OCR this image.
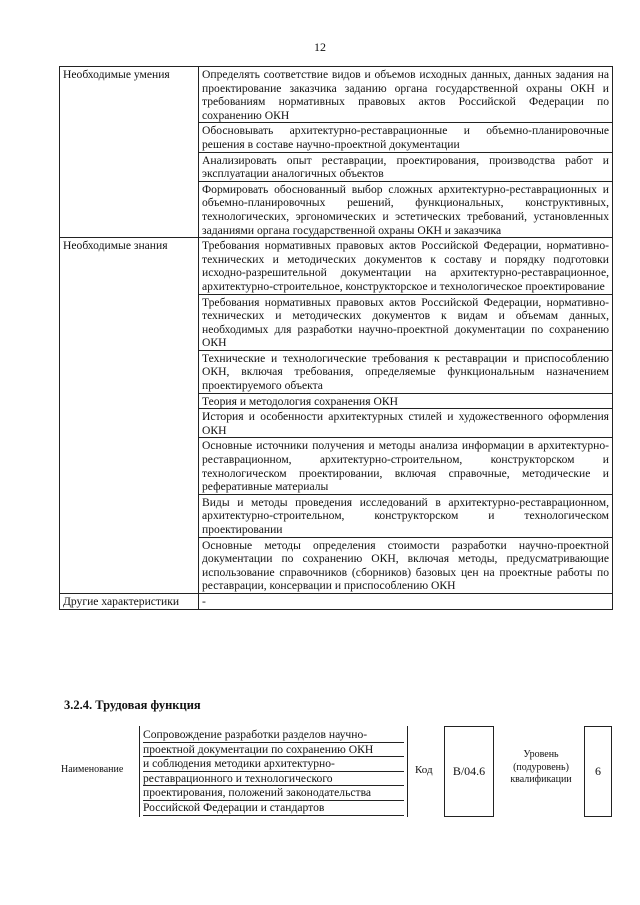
12
Необходимые умения	Определять соответствие видов и объемов исходных данных, данных задания на проектирование заказчика заданию органа государственной охраны ОКН и требованиям нормативных правовых актов Российской Федерации по сохранению ОКН
	Обосновывать архитектурно-реставрационные и объемно-планировочные решения в составе научно-проектной документации
	Анализировать опыт реставрации, проектирования, производства работ и эксплуатации аналогичных объектов
	Формировать обоснованный выбор сложных архитектурно-реставрационных и объемно-планировочных решений, функциональных, конструктивных, технологических, эргономических и эстетических требований, установленных заданиями органа государственной охраны ОКН и заказчика
Необходимые знания	Требования нормативных правовых актов Российской Федерации, нормативно-технических и методических документов к составу и порядку подготовки исходно-разрешительной документации на архитектурно-реставрационное, архитектурно-строительное, конструкторское и технологическое проектирование
	Требования нормативных правовых актов Российской Федерации, нормативно-технических и методических документов к видам и объемам данных, необходимых для разработки научно-проектной документации по сохранению ОКН
	Технические и технологические требования к реставрации и приспособлению ОКН, включая требования, определяемые функциональным назначением проектируемого объекта
	Теория и методология сохранения ОКН
	История и особенности архитектурных стилей и художественного оформления ОКН
	Основные источники получения и методы анализа информации в архитектурно-реставрационном, архитектурно-строительном, конструкторском и технологическом проектировании, включая справочные, методические и реферативные материалы
	Виды и методы проведения исследований в архитектурно-реставрационном, архитектурно-строительном, конструкторском и технологическом проектировании
	Основные методы определения стоимости разработки научно-проектной документации по сохранению ОКН, включая методы, предусматривающие использование справочников (сборников) базовых цен на проектные работы по реставрации, консервации и приспособлению ОКН
Другие характеристики	-
3.2.4. Трудовая функция
Наименование
Сопровождение разработки разделов научно-
проектной документации по сохранению ОКН
и соблюдения методики архитектурно-
реставрационного и технологического
проектирования, положений законодательства
Российской Федерации и стандартов
Код	B/04.6
Уровень (подуровень) квалификации
6
